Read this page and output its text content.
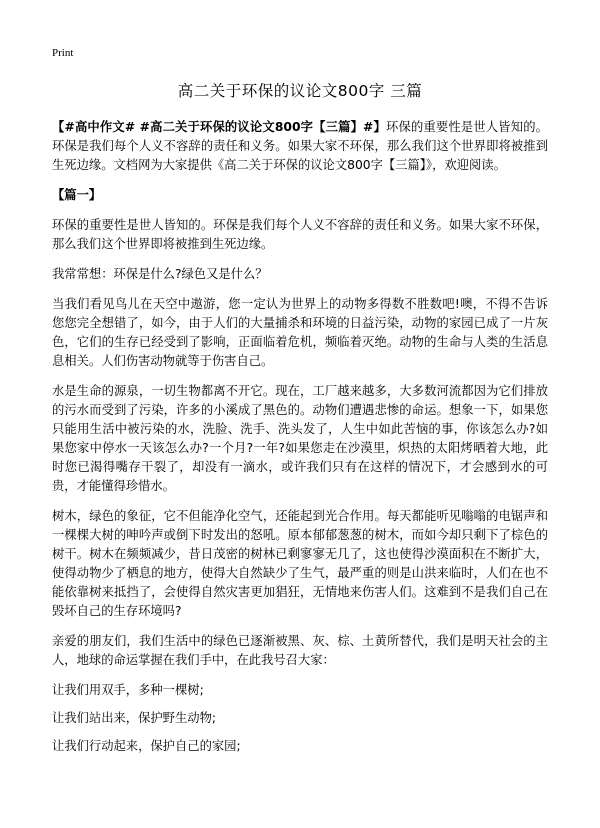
Print
高二关于环保的议论文800字 三篇

【#高中作文# #高二关于环保的议论文800字【三篇】#】环保的重要性是世人皆知的。环保是我们每个人义不容辞的责任和义务。如果大家不环保，那么我们这个世界即将被推到生死边缘。文档网为大家提供《高二关于环保的议论文800字【三篇】》，欢迎阅读。

【篇一】

环保的重要性是世人皆知的。环保是我们每个人义不容辞的责任和义务。如果大家不环保，那么我们这个世界即将被推到生死边缘。

我常常想：环保是什么?绿色又是什么？

当我们看见鸟儿在天空中遨游，您一定认为世界上的动物多得数不胜数吧!噢，不得不告诉您您完全想错了，如今，由于人们的大量捕杀和环境的日益污染，动物的家园已成了一片灰色，它们的生存已经受到了影响，正面临着危机，频临着灭绝。动物的生命与人类的生活息息相关。人们伤害动物就等于伤害自己。

水是生命的源泉，一切生物都离不开它。现在，工厂越来越多，大多数河流都因为它们排放的污水而受到了污染，许多的小溪成了黑色的。动物们遭遇悲惨的命运。想象一下，如果您只能用生活中被污染的水，洗脸、洗手、洗头发了，人生中如此苦恼的事，你该怎么办?如果您家中停水一天该怎么办?一个月?一年?如果您走在沙漠里，炽热的太阳烤晒着大地，此时您已渴得嘴存干裂了，却没有一滴水，或许我们只有在这样的情况下，才会感到水的可贵，才能懂得珍惜水。

树木，绿色的象征，它不但能净化空气，还能起到光合作用。每天都能听见嗡嗡的电锯声和一棵棵大树的呻吟声或倒下时发出的怒吼。原本郁郁葱葱的树木，而如今却只剩下了棕色的树干。树木在频频减少，昔日茂密的树林已剩寥寥无几了，这也使得沙漠面积在不断扩大，使得动物少了栖息的地方，使得大自然缺少了生气，最严重的则是山洪来临时，人们在也不能依靠树来抵挡了，会使得自然灾害更加猖狂，无情地来伤害人们。这难到不是我们自己在毁坏自己的生存环境吗?

亲爱的朋友们，我们生活中的绿色已逐渐被黑、灰、棕、土黄所替代，我们是明天社会的主人，地球的命运掌握在我们手中，在此我号召大家：

让我们用双手，多种一棵树;

让我们站出来，保护野生动物;

让我们行动起来，保护自己的家园;
